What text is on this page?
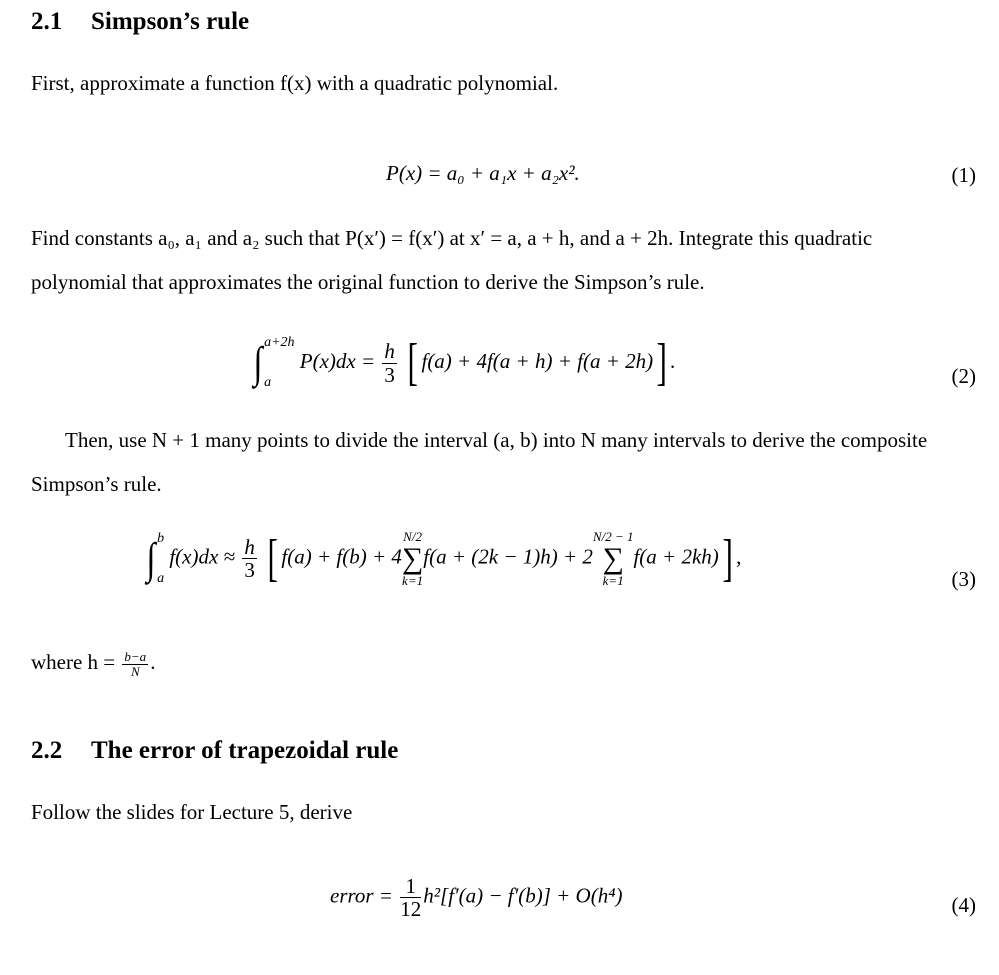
2.1 Simpson’s rule
First, approximate a function f(x) with a quadratic polynomial.
P(x) = a₀ + a₁x + a₂x².	(1)
Find constants a₀, a₁ and a₂ such that P(x′) = f(x′) at x′ = a, a + h, and a + 2h. Integrate this quadratic
polynomial that approximates the original function to derive the Simpson’s rule.
∫ a+2h
a
$P(x)dx = \frac{h}{3}$ [ f(a) + 4f(a + h) + f(a + 2h)] .
(2)
Then, use N + 1 many points to divide the interval (a, b) into N many intervals to derive the composite
Simpson’s rule.
∫ b
a
$f(x)dx \approx \frac{h}{3}$ [ f(a) + f(b) + 4
N/2
∑
k=1
f(a + (2k − 1)h) + 2
N/2 − 1
∑
k=1
f(a + 2kh)] ,
(3)
where $h = \frac{b-a}{N}$ .
2.2 The error of trapezoidal rule
Follow the slides for Lecture 5, derive
error = $\frac{1}{12} h^2[f'(a) - f'(b)] + O(h^4)$	(4)
